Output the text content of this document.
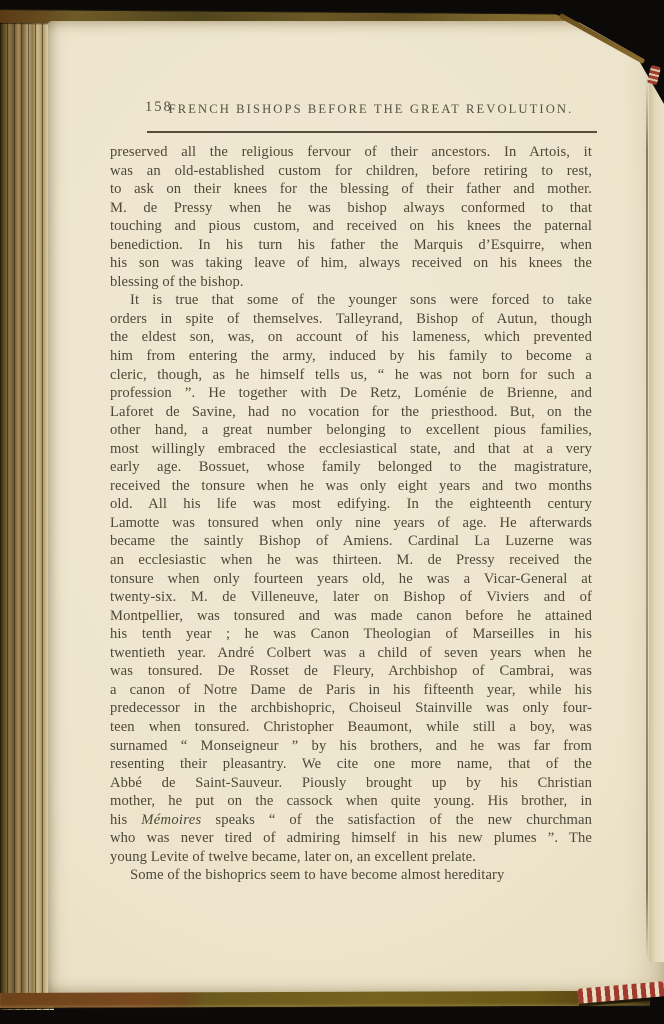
158
FRENCH BISHOPS BEFORE THE GREAT REVOLUTION.
preserved all the religious fervour of their ancestors. In Artois, it
was an old-established custom for children, before retiring to rest,
to ask on their knees for the blessing of their father and mother.
M. de Pressy when he was bishop always conformed to that
touching and pious custom, and received on his knees the paternal
benediction. In his turn his father the Marquis d’Esquirre, when
his son was taking leave of him, always received on his knees the
blessing of the bishop.
It is true that some of the younger sons were forced to take
orders in spite of themselves. Talleyrand, Bishop of Autun, though
the eldest son, was, on account of his lameness, which prevented
him from entering the army, induced by his family to become a
cleric, though, as he himself tells us, “ he was not born for such a
profession ”. He together with De Retz, Loménie de Brienne, and
Laforet de Savine, had no vocation for the priesthood. But, on the
other hand, a great number belonging to excellent pious families,
most willingly embraced the ecclesiastical state, and that at a very
early age. Bossuet, whose family belonged to the magistrature,
received the tonsure when he was only eight years and two months
old. All his life was most edifying. In the eighteenth century
Lamotte was tonsured when only nine years of age. He afterwards
became the saintly Bishop of Amiens. Cardinal La Luzerne was
an ecclesiastic when he was thirteen. M. de Pressy received the
tonsure when only fourteen years old, he was a Vicar-General at
twenty-six. M. de Villeneuve, later on Bishop of Viviers and of
Montpellier, was tonsured and was made canon before he attained
his tenth year ; he was Canon Theologian of Marseilles in his
twentieth year. André Colbert was a child of seven years when he
was tonsured. De Rosset de Fleury, Archbishop of Cambrai, was
a canon of Notre Dame de Paris in his fifteenth year, while his
predecessor in the archbishopric, Choiseul Stainville was only four-
teen when tonsured. Christopher Beaumont, while still a boy, was
surnamed “ Monseigneur ” by his brothers, and he was far from
resenting their pleasantry. We cite one more name, that of the
Abbé de Saint-Sauveur. Piously brought up by his Christian
mother, he put on the cassock when quite young. His brother, in
his Mémoires speaks “ of the satisfaction of the new churchman
who was never tired of admiring himself in his new plumes ”. The
young Levite of twelve became, later on, an excellent prelate.
Some of the bishoprics seem to have become almost hereditary
